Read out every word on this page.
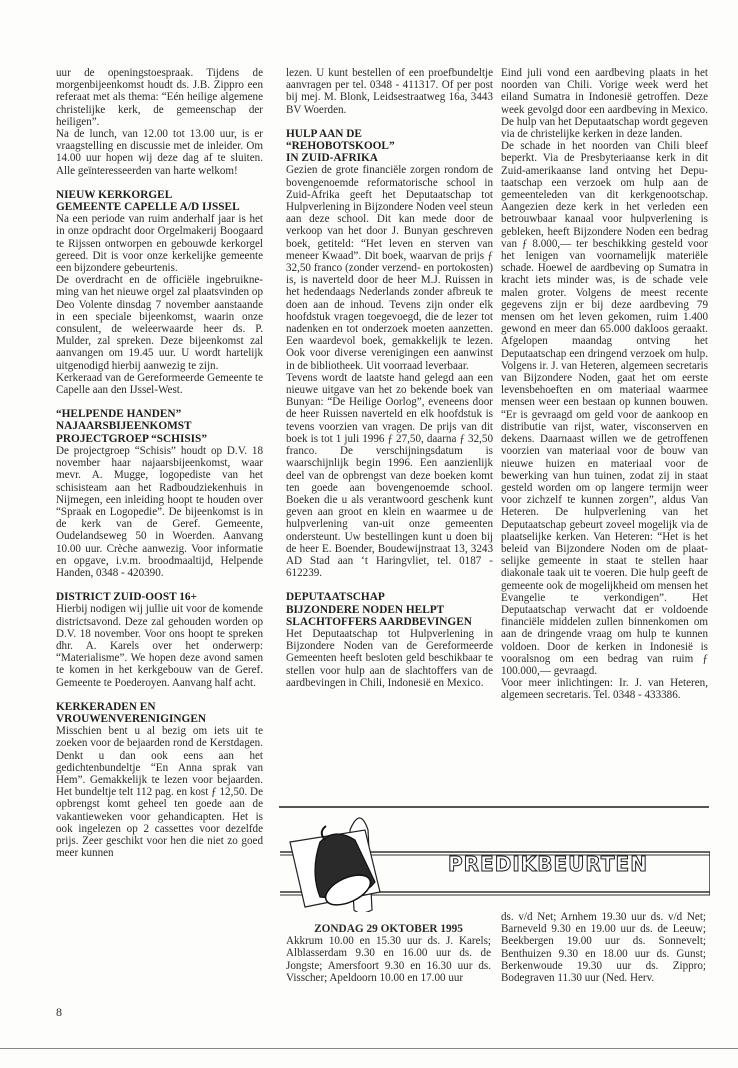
uur de openingstoespraak. Tijdens de morgenbijeenkomst houdt ds. J.B. Zippro een referaat met als thema: “Eén heilige algemene christelijke kerk, de gemeenschap der heiligen”.

Na de lunch, van 12.00 tot 13.00 uur, is er vraagstelling en discussie met de inleider. Om 14.00 uur hopen wij deze dag af te sluiten. Alle geïnteresseerden van harte welkom!

NIEUW KERKORGEL
GEMEENTE CAPELLE A/D IJSSEL

Na een periode van ruim anderhalf jaar is het in onze opdracht door Orgelmakerij Boogaard te Rijssen ontworpen en gebouwde kerkorgel gereed. Dit is voor onze kerkelijke gemeente een bijzondere gebeurtenis.

De overdracht en de officiële ingebruikneming van het nieuwe orgel zal plaatsvinden op Deo Volente dinsdag 7 november aanstaande in een speciale bijeenkomst, waarin onze consulent, de weleerwaarde heer ds. P. Mulder, zal spreken. Deze bijeenkomst zal aanvangen om 19.45 uur. U wordt hartelijk uitgenodigd hierbij aanwezig te zijn.

Kerkeraad van de Gereformeerde Gemeente te Capelle aan den IJssel-West.

“HELPENDE HANDEN”
NAJAARSBIJEENKOMST
PROJECTGROEP “SCHISIS”

De projectgroep “Schisis” houdt op D.V. 18 november haar najaarsbijeenkomst, waar mevr. A. Mugge, logopediste van het schisisteam aan het Radboudziekenhuis in Nijmegen, een inleiding hoopt te houden over “Spraak en Logopedie”. De bijeenkomst is in de kerk van de Geref. Gemeente, Oudelandseweg 50 in Woerden. Aanvang 10.00 uur. Crèche aanwezig. Voor informatie en opgave, i.v.m. broodmaaltijd, Helpende Handen, 0348 - 420390.

DISTRICT ZUID-OOST 16+

Hierbij nodigen wij jullie uit voor de komende districtsavond. Deze zal gehouden worden op D.V. 18 november. Voor ons hoopt te spreken dhr. A. Karels over het onderwerp: “Materialisme”. We hopen deze avond samen te komen in het kerkgebouw van de Geref. Gemeente te Poederoyen. Aanvang half acht.

KERKERADEN EN
VROUWENVERENIGINGEN

Misschien bent u al bezig om iets uit te zoeken voor de bejaarden rond de Kerstdagen. Denkt u dan ook eens aan het gedichtenbundeltje “En Anna sprak van Hem”. Gemakkelijk te lezen voor bejaarden. Het bundeltje telt 112 pag. en kost ƒ 12,50. De opbrengst komt geheel ten goede aan de vakantieweken voor gehandicapten. Het is ook ingelezen op 2 cassettes voor dezelfde prijs. Zeer geschikt voor hen die niet zo goed meer kunnen

lezen. U kunt bestellen of een proefbundeltje aanvragen per tel. 0348 - 411317. Of per post bij mej. M. Blonk, Leidsestraatweg 16a, 3443 BV Woerden.

HULP AAN DE
“REHOBOTSKOOL”
IN ZUID-AFRIKA

Gezien de grote financiële zorgen rondom de bovengenoemde reformatorische school in Zuid-Afrika geeft het Deputaatschap tot Hulpverlening in Bijzondere Noden veel steun aan deze school. Dit kan mede door de verkoop van het door J. Bunyan geschreven boek, getiteld: “Het leven en sterven van meneer Kwaad”. Dit boek, waarvan de prijs ƒ 32,50 franco (zonder verzend- en portokosten) is, is naverteld door de heer M.J. Ruissen in het hedendaags Nederlands zonder afbreuk te doen aan de inhoud. Tevens zijn onder elk hoofdstuk vragen toegevoegd, die de lezer tot nadenken en tot onderzoek moeten aanzetten. Een waardevol boek, gemakkelijk te lezen. Ook voor diverse verenigingen een aanwinst in de bibliotheek. Uit voorraad leverbaar.

Tevens wordt de laatste hand gelegd aan een nieuwe uitgave van het zo bekende boek van Bunyan: “De Heilige Oorlog”, eveneens door de heer Ruissen naverteld en elk hoofdstuk is tevens voorzien van vragen. De prijs van dit boek is tot 1 juli 1996 ƒ 27,50, daarna ƒ 32,50 franco. De verschijningsdatum is waarschijnlijk begin 1996. Een aanzienlijk deel van de opbrengst van deze boeken komt ten goede aan bovengenoemde school. Boeken die u als verantwoord geschenk kunt geven aan groot en klein en waarmee u de hulpverlening van-uit onze gemeenten ondersteunt. Uw bestellingen kunt u doen bij de heer E. Boender, Boudewijnstraat 13, 3243 AD Stad aan ‘t Haringvliet, tel. 0187 - 612239.

DEPUTAATSCHAP
BIJZONDERE NODEN HELPT
SLACHTOFFERS AARDBEVINGEN

Het Deputaatschap tot Hulpverlening in Bijzondere Noden van de Gereformeerde Gemeenten heeft besloten geld beschikbaar te stellen voor hulp aan de slachtoffers van de aardbevingen in Chili, Indonesië en Mexico.

Eind juli vond een aardbeving plaats in het noorden van Chili. Vorige week werd het eiland Sumatra in Indonesië getroffen. Deze week gevolgd door een aardbeving in Mexico. De hulp van het Deputaatschap wordt gegeven via de christelijke kerken in deze landen.

De schade in het noorden van Chili bleef beperkt. Via de Presbyteriaanse kerk in dit Zuid-amerikaanse land ontving het Deputaatschap een verzoek om hulp aan de gemeenteleden van dit kerkgenootschap. Aangezien deze kerk in het verleden een betrouwbaar kanaal voor hulpverlening is gebleken, heeft Bijzondere Noden een bedrag van ƒ 8.000,— ter beschikking gesteld voor het lenigen van voornamelijk materiële schade. Hoewel de aardbeving op Sumatra in kracht iets minder was, is de schade vele malen groter. Volgens de meest recente gegevens zijn er bij deze aardbeving 79 mensen om het leven gekomen, ruim 1.400 gewond en meer dan 65.000 dakloos geraakt. Afgelopen maandag ontving het Deputaatschap een dringend verzoek om hulp. Volgens ir. J. van Heteren, algemeen secretaris van Bijzondere Noden, gaat het om eerste levensbehoeften en om materiaal waarmee mensen weer een bestaan op kunnen bouwen. “Er is gevraagd om geld voor de aankoop en distributie van rijst, water, visconserven en dekens. Daarnaast willen we de getroffenen voorzien van materiaal voor de bouw van nieuwe huizen en materiaal voor de bewerking van hun tuinen, zodat zij in staat gesteld worden om op langere termijn weer voor zichzelf te kunnen zorgen”, aldus Van Heteren. De hulpverlening van het Deputaatschap gebeurt zoveel mogelijk via de plaatselijke kerken. Van Heteren: “Het is het beleid van Bijzondere Noden om de plaatselijke gemeente in staat te stellen haar diakonale taak uit te voeren. Die hulp geeft de gemeente ook de mogelijkheid om mensen het Evangelie te verkondigen”. Het Deputaatschap verwacht dat er voldoende financiële middelen zullen binnenkomen om aan de dringende vraag om hulp te kunnen voldoen. Door de kerken in Indonesië is vooralsnog om een bedrag van ruim ƒ 100.000,— gevraagd.

Voor meer inlichtingen: Ir. J. van Heteren, algemeen secretaris. Tel. 0348 - 433386.

PREDIKBEURTEN
ZONDAG 29 OKTOBER 1995

Akkrum 10.00 en 15.30 uur ds. J. Karels; Alblasserdam 9.30 en 16.00 uur ds. de Jongste; Amersfoort 9.30 en 16.30 uur ds. Visscher; Apeldoorn 10.00 en 17.00 uur

ds. v/d Net; Arnhem 19.30 uur ds. v/d Net; Barneveld 9.30 en 19.00 uur ds. de Leeuw; Beekbergen 19.00 uur ds. Sonnevelt; Benthuizen 9.30 en 18.00 uur ds. Gunst; Berkenwoude 19.30 uur ds. Zippro; Bodegraven 11.30 uur (Ned. Herv.

8
